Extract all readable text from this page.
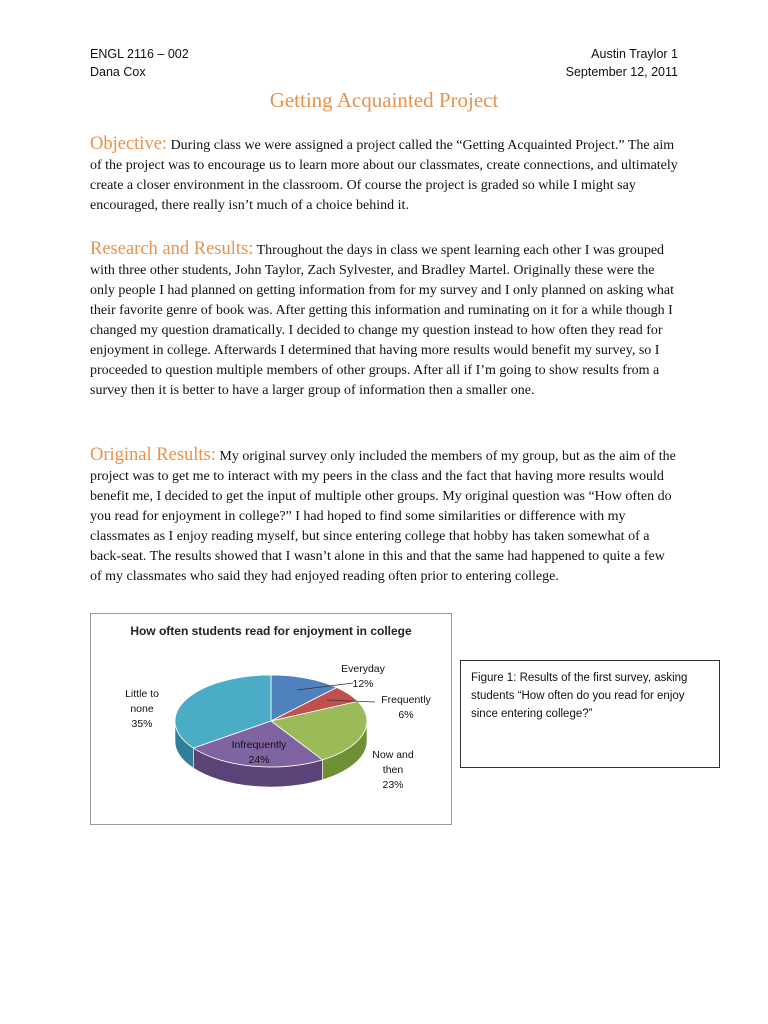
ENGL 2116 – 002
Dana Cox
Austin Traylor 1
September 12, 2011
Getting Acquainted Project

Objective: During class we were assigned a project called the “Getting Acquainted Project.” The aim of the project was to encourage us to learn more about our classmates, create connections, and ultimately create a closer environment in the classroom. Of course the project is graded so while I might say encouraged, there really isn’t much of a choice behind it.

Research and Results: Throughout the days in class we spent learning each other I was grouped with three other students, John Taylor, Zach Sylvester, and Bradley Martel. Originally these were the only people I had planned on getting information from for my survey and I only planned on asking what their favorite genre of book was. After getting this information and ruminating on it for a while though I changed my question dramatically. I decided to change my question instead to how often they read for enjoyment in college. Afterwards I determined that having more results would benefit my survey, so I proceeded to question multiple members of other groups. After all if I’m going to show results from a survey then it is better to have a larger group of information then a smaller one.

Original Results: My original survey only included the members of my group, but as the aim of the project was to get me to interact with my peers in the class and the fact that having more results would benefit me, I decided to get the input of multiple other groups. My original question was “How often do you read for enjoyment in college?” I had hoped to find some similarities or difference with my classmates as I enjoy reading myself, but since entering college that hobby has taken somewhat of a back-seat. The results showed that I wasn’t alone in this and that the same had happened to quite a few of my classmates who said they had enjoyed reading often prior to entering college.

How often students read for enjoyment in college
Everyday
12%
Frequently
6%
Now and
then
23%
Infrequently
24%
Little to
none
35%
Figure 1: Results of the first survey, asking students “How often do you read for enjoy since entering college?”
